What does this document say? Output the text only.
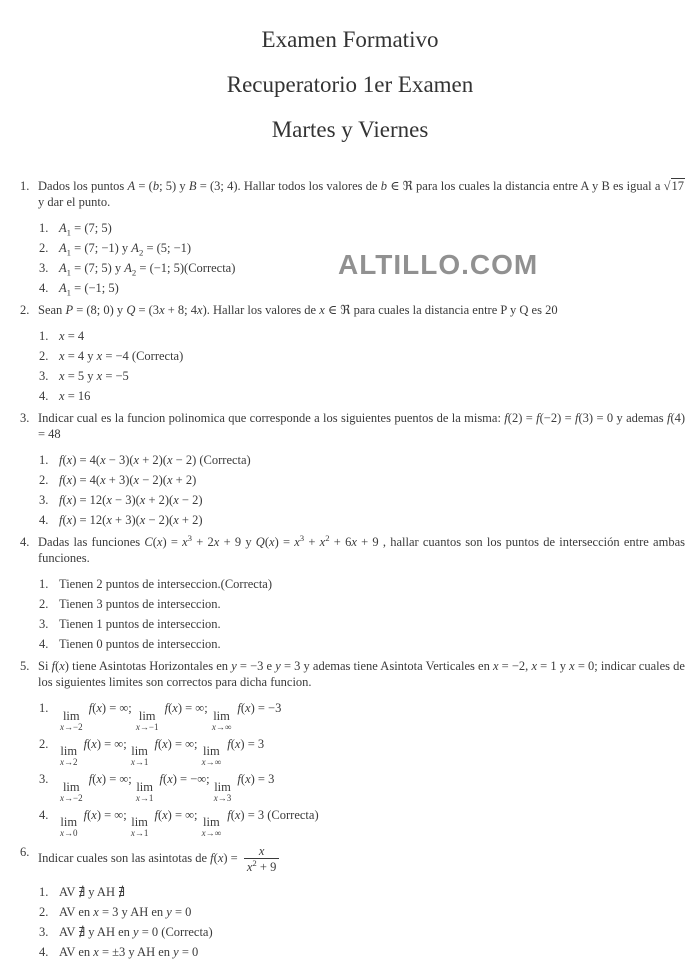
Examen Formativo
Recuperatorio 1er Examen
Martes y Viernes
ALTILLO.COM
1. Dados los puntos A = (b; 5) y B = (3; 4). Hallar todos los valores de b ∈ ℜ para los cuales la distancia entre A y B es igual a √17 y dar el punto.
1. $A_1 = (7$; 5)
2. $A_1 = (7$; −1) y $A_2 = (5$; −1)
3. $A_1 = (7$; 5) y $A_2 = (-1$; 5)(Correcta)
4. $A_1 = (-1$; 5)
2. Sean P = (8; 0) y Q = (3x + 8; 4x). Hallar los valores de x ∈ ℜ para cuales la distancia entre P y Q es 20
1. x = 4
2. x = 4 y x = −4 (Correcta)
3. x = 5 y x = −5
4. x = 16
3. Indicar cual es la funcion polinomica que corresponde a los siguientes puentos de la misma: f(2) = f(−2) = f(3) = 0 y ademas f(4) = 48
1. f(x) = 4(x − 3)(x + 2)(x − 2) (Correcta)
2. f(x) = 4(x + 3)(x − 2)(x + 2)
3. f(x) = 12(x − 3)(x + 2)(x − 2)
4. f(x) = 12(x + 3)(x − 2)(x + 2)
4. Dadas las funciones $C(x) = x^3 + 2x + 9$ y $Q(x) = x^3 + x^2 + 6x + 9$ , hallar cuantos son los puntos de intersección entre ambas funciones.
1. Tienen 2 puntos de interseccion.(Correcta)
2. Tienen 3 puntos de interseccion.
3. Tienen 1 puntos de interseccion.
4. Tienen 0 puntos de interseccion.
5. Si f(x) tiene Asintotas Horizontales en y = −3 e y = 3 y ademas tiene Asintota Verticales en x = −2, x = 1 y x = 0; indicar cuales de los siguientes limites son correctos para dicha funcion.
1.
lim
x→−2
f(x) = ∞;
lim
x→−1
f(x) = ∞;
lim
x→∞
f(x) = −3
2.
lim
x→2
f(x) = ∞;
lim
x→1
f(x) = ∞;
lim
x→∞
f(x) = 3
3.
lim
x→−2
f(x) = ∞;
lim
x→1
f(x) = −∞;
lim
x→3
f(x) = 3
4.
lim
x→0
f(x) = ∞;
lim
x→1
f(x) = ∞;
lim
x→∞
f(x) = 3 (Correcta)
6. Indicar cuales son las asintotas de $f(x) = \frac{x}{x^2 + 9}$
1. AV ∄ y AH ∄
2. AV en x = 3 y AH en y = 0
3. AV ∄ y AH en y = 0 (Correcta)
4. AV en x = ±3 y AH en y = 0
